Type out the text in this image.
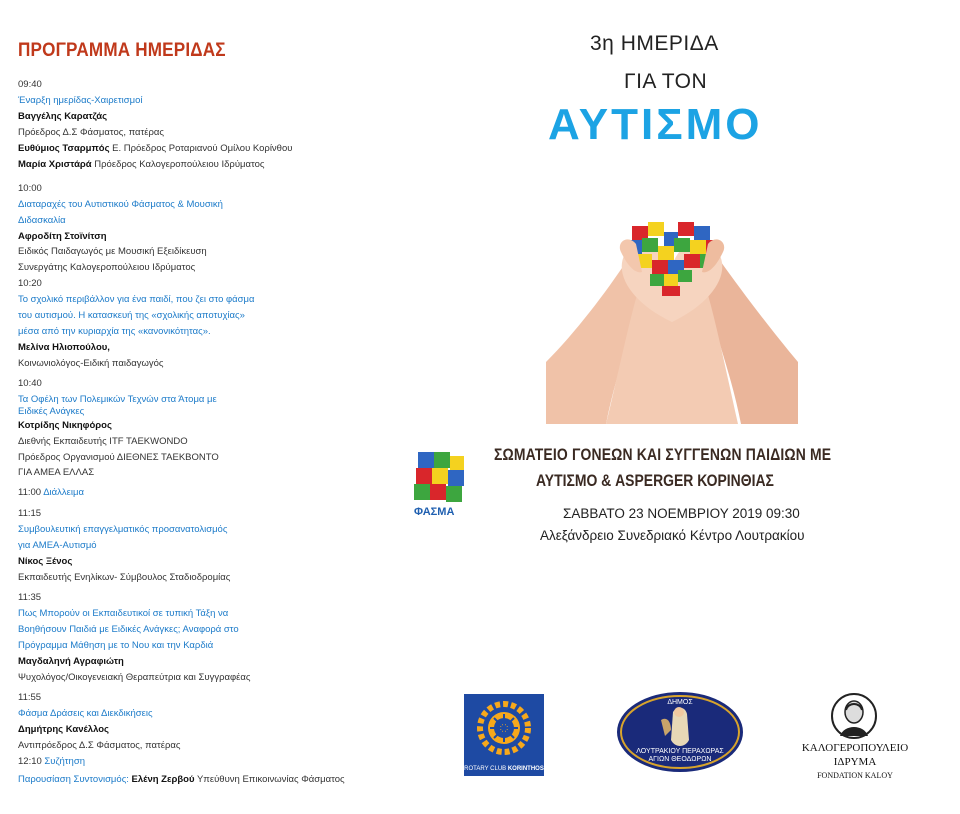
ΠΡΟΓΡΑΜΜΑ ΗΜΕΡΙΔΑΣ
09:40
Έναρξη ημερίδας-Χαιρετισμοί
Βαγγέλης Καρατζάς
Πρόεδρος Δ.Σ Φάσματος, πατέρας
Ευθύμιος Τσαρμπός Ε. Πρόεδρος Ροταριανού Ομίλου Κορίνθου
Μαρία Χριστάρά Πρόεδρος Καλογεροπούλειου Ιδρύματος
10:00
Διαταραχές του Αυτιστικού Φάσματος & Μουσική
Διδασκαλία
Αφροδίτη Στοϊνίτση
Ειδικός Παιδαγωγός με Μουσική Εξειδίκευση
Συνεργάτης Καλογεροπούλειου Ιδρύματος
10:20
Το σχολικό περιβάλλον για ένα παιδί, που ζει στο φάσμα
του αυτισμού. Η κατασκευή της «σχολικής αποτυχίας»
μέσα από την κυριαρχία της «κανονικότητας».
Μελίνα Ηλιοπούλου,
Κοινωνιολόγος-Ειδική παιδαγωγός
10:40
Τα Οφέλη των Πολεμικών Τεχνών στα Άτομα με
Ειδικές Ανάγκες
Κοτρίδης Νικηφόρος
Διεθνής Εκπαιδευτής ITF TAEKWONDO
Πρόεδρος Οργανισμού ΔΙΕΘΝΕΣ ΤΑΕΚΒΟΝΤΟ
ΓΙΑ ΑΜΕΑ ΕΛΛΑΣ
11:00 Διάλλειμα
11:15
Συμβουλευτική επαγγελματικός προσανατολισμός
για ΑΜΕΑ-Αυτισμό
Νίκος Ξένος
Εκπαιδευτής Ενηλίκων- Σύμβουλος Σταδιοδρομίας
11:35
Πως Μπορούν οι Εκπαιδευτικοί σε τυπική Τάξη να
Βοηθήσουν Παιδιά με Ειδικές Ανάγκες; Αναφορά στο
Πρόγραμμα Μάθηση με το Νου και την Καρδιά
Μαγδαληνή Αγραφιώτη
Ψυχολόγος/Οικογενειακή Θεραπεύτρια και Συγγραφέας
11:55
Φάσμα Δράσεις και Διεκδικήσεις
Δημήτρης Κανέλλος
Αντιπρόεδρος Δ.Σ Φάσματος, πατέρας
12:10 Συζήτηση
Παρουσίαση Συντονισμός: Ελένη Ζερβού Υπεύθυνη Επικοινωνίας Φάσματος
3η ΗΜΕΡΙΔΑ
ΓΙΑ ΤΟΝ
ΑΥΤΙΣΜΟ
ΦΑΣΜΑ
ΣΩΜΑΤΕΙΟ ΓΟΝΕΩΝ ΚΑΙ ΣΥΓΓΕΝΩΝ ΠΑΙΔΙΩΝ ΜΕ
ΑΥΤΙΣΜΟ & ASPERGER ΚΟΡΙΝΘΙΑΣ
ΣΑΒΒΑΤΟ 23 ΝΟΕΜΒΡΙΟΥ 2019 09:30
Αλεξάνδρειο Συνεδριακό Κέντρο Λουτρακίου
ROTARY CLUB KORINTHOS
ΔΗΜΟΣ
ΛΟΥΤΡΑΚΙΟΥ ΠΕΡΑΧΩΡΑΣ
ΑΓΙΩΝ ΘΕΟΔΩΡΩΝ
ΚΑΛΟΓΕΡΟΠΟΥΛΕΙΟ
ΙΔΡΥΜΑ
FONDATION KALOY
